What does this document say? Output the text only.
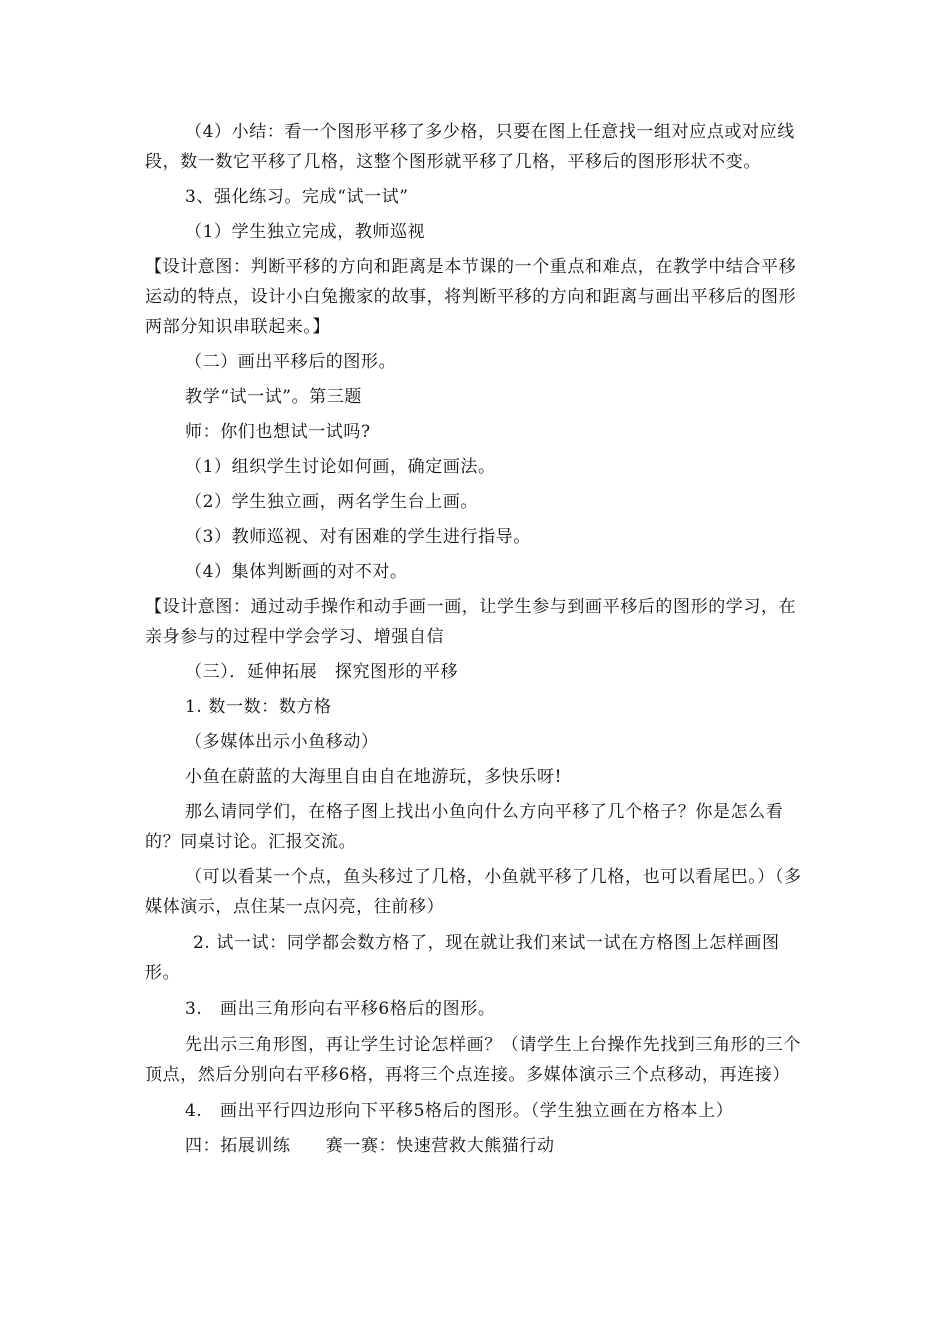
（4）小结：看一个图形平移了多少格，只要在图上任意找一组对应点或对应线段，数一数它平移了几格，这整个图形就平移了几格，平移后的图形形状不变。

3、强化练习。完成“试一试”

（1）学生独立完成，教师巡视

【设计意图：判断平移的方向和距离是本节课的一个重点和难点，在教学中结合平移运动的特点，设计小白兔搬家的故事，将判断平移的方向和距离与画出平移后的图形两部分知识串联起来。】

（二）画出平移后的图形。

教学“试一试”。第三题

师：你们也想试一试吗?

（1）组织学生讨论如何画，确定画法。

（2）学生独立画，两名学生台上画。

（3）教师巡视、对有困难的学生进行指导。

（4）集体判断画的对不对。

【设计意图：通过动手操作和动手画一画，让学生参与到画平移后的图形的学习，在亲身参与的过程中学会学习、增强自信

（三）．延伸拓展　探究图形的平移

1. 数一数：数方格

（多媒体出示小鱼移动）

小鱼在蔚蓝的大海里自由自在地游玩，多快乐呀!

那么请同学们，在格子图上找出小鱼向什么方向平移了几个格子？你是怎么看的？同桌讨论。汇报交流。

（可以看某一个点，鱼头移过了几格，小鱼就平移了几格，也可以看尾巴。）（多媒体演示，点住某一点闪亮，往前移）

2. 试一试：同学都会数方格了，现在就让我们来试一试在方格图上怎样画图形。

3.　画出三角形向右平移6格后的图形。

先出示三角形图，再让学生讨论怎样画？（请学生上台操作先找到三角形的三个顶点，然后分别向右平移6格，再将三个点连接。多媒体演示三个点移动，再连接）

4.　画出平行四边形向下平移5格后的图形。（学生独立画在方格本上）

四：拓展训练　　赛一赛：快速营救大熊猫行动
